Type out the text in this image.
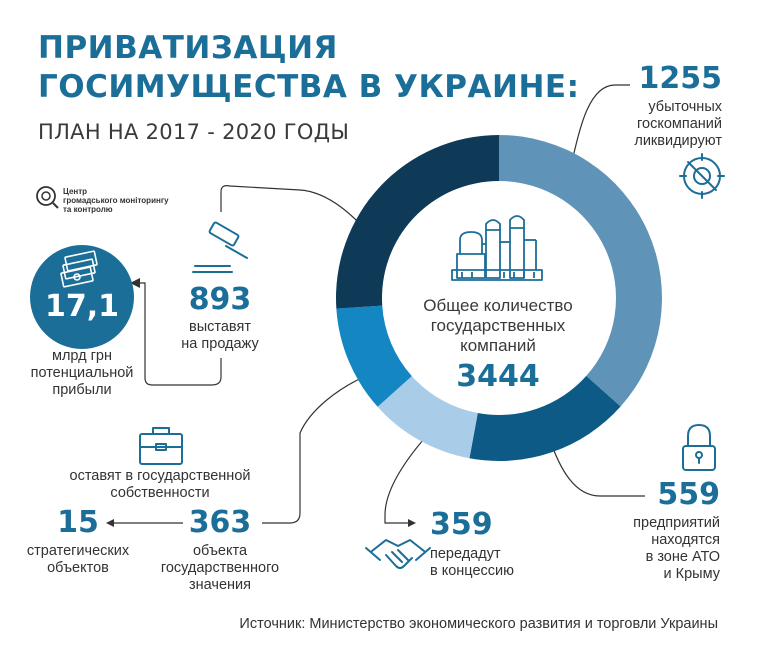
ПРИВАТИЗАЦИЯ
ГОСИМУЩЕСТВА В УКРАИНЕ:
ПЛАН НА 2017 - 2020 ГОДЫ
Общее количество
государственных
компаний
3444
Центр
громадського моніторингу
та контролю
17,1
млрд грн
потенциальной
прибыли
893
выставят
на продажу
1255
убыточных
госкомпаний
ликвидируют
оставят в государственной
собственности
15
стратегических
объектов
363
объекта
государственного
значения
359
передадут
в концессию
559
предприятий
находятся
в зоне АТО
и Крыму
Источник: Министерство экономического развития и торговли Украины
